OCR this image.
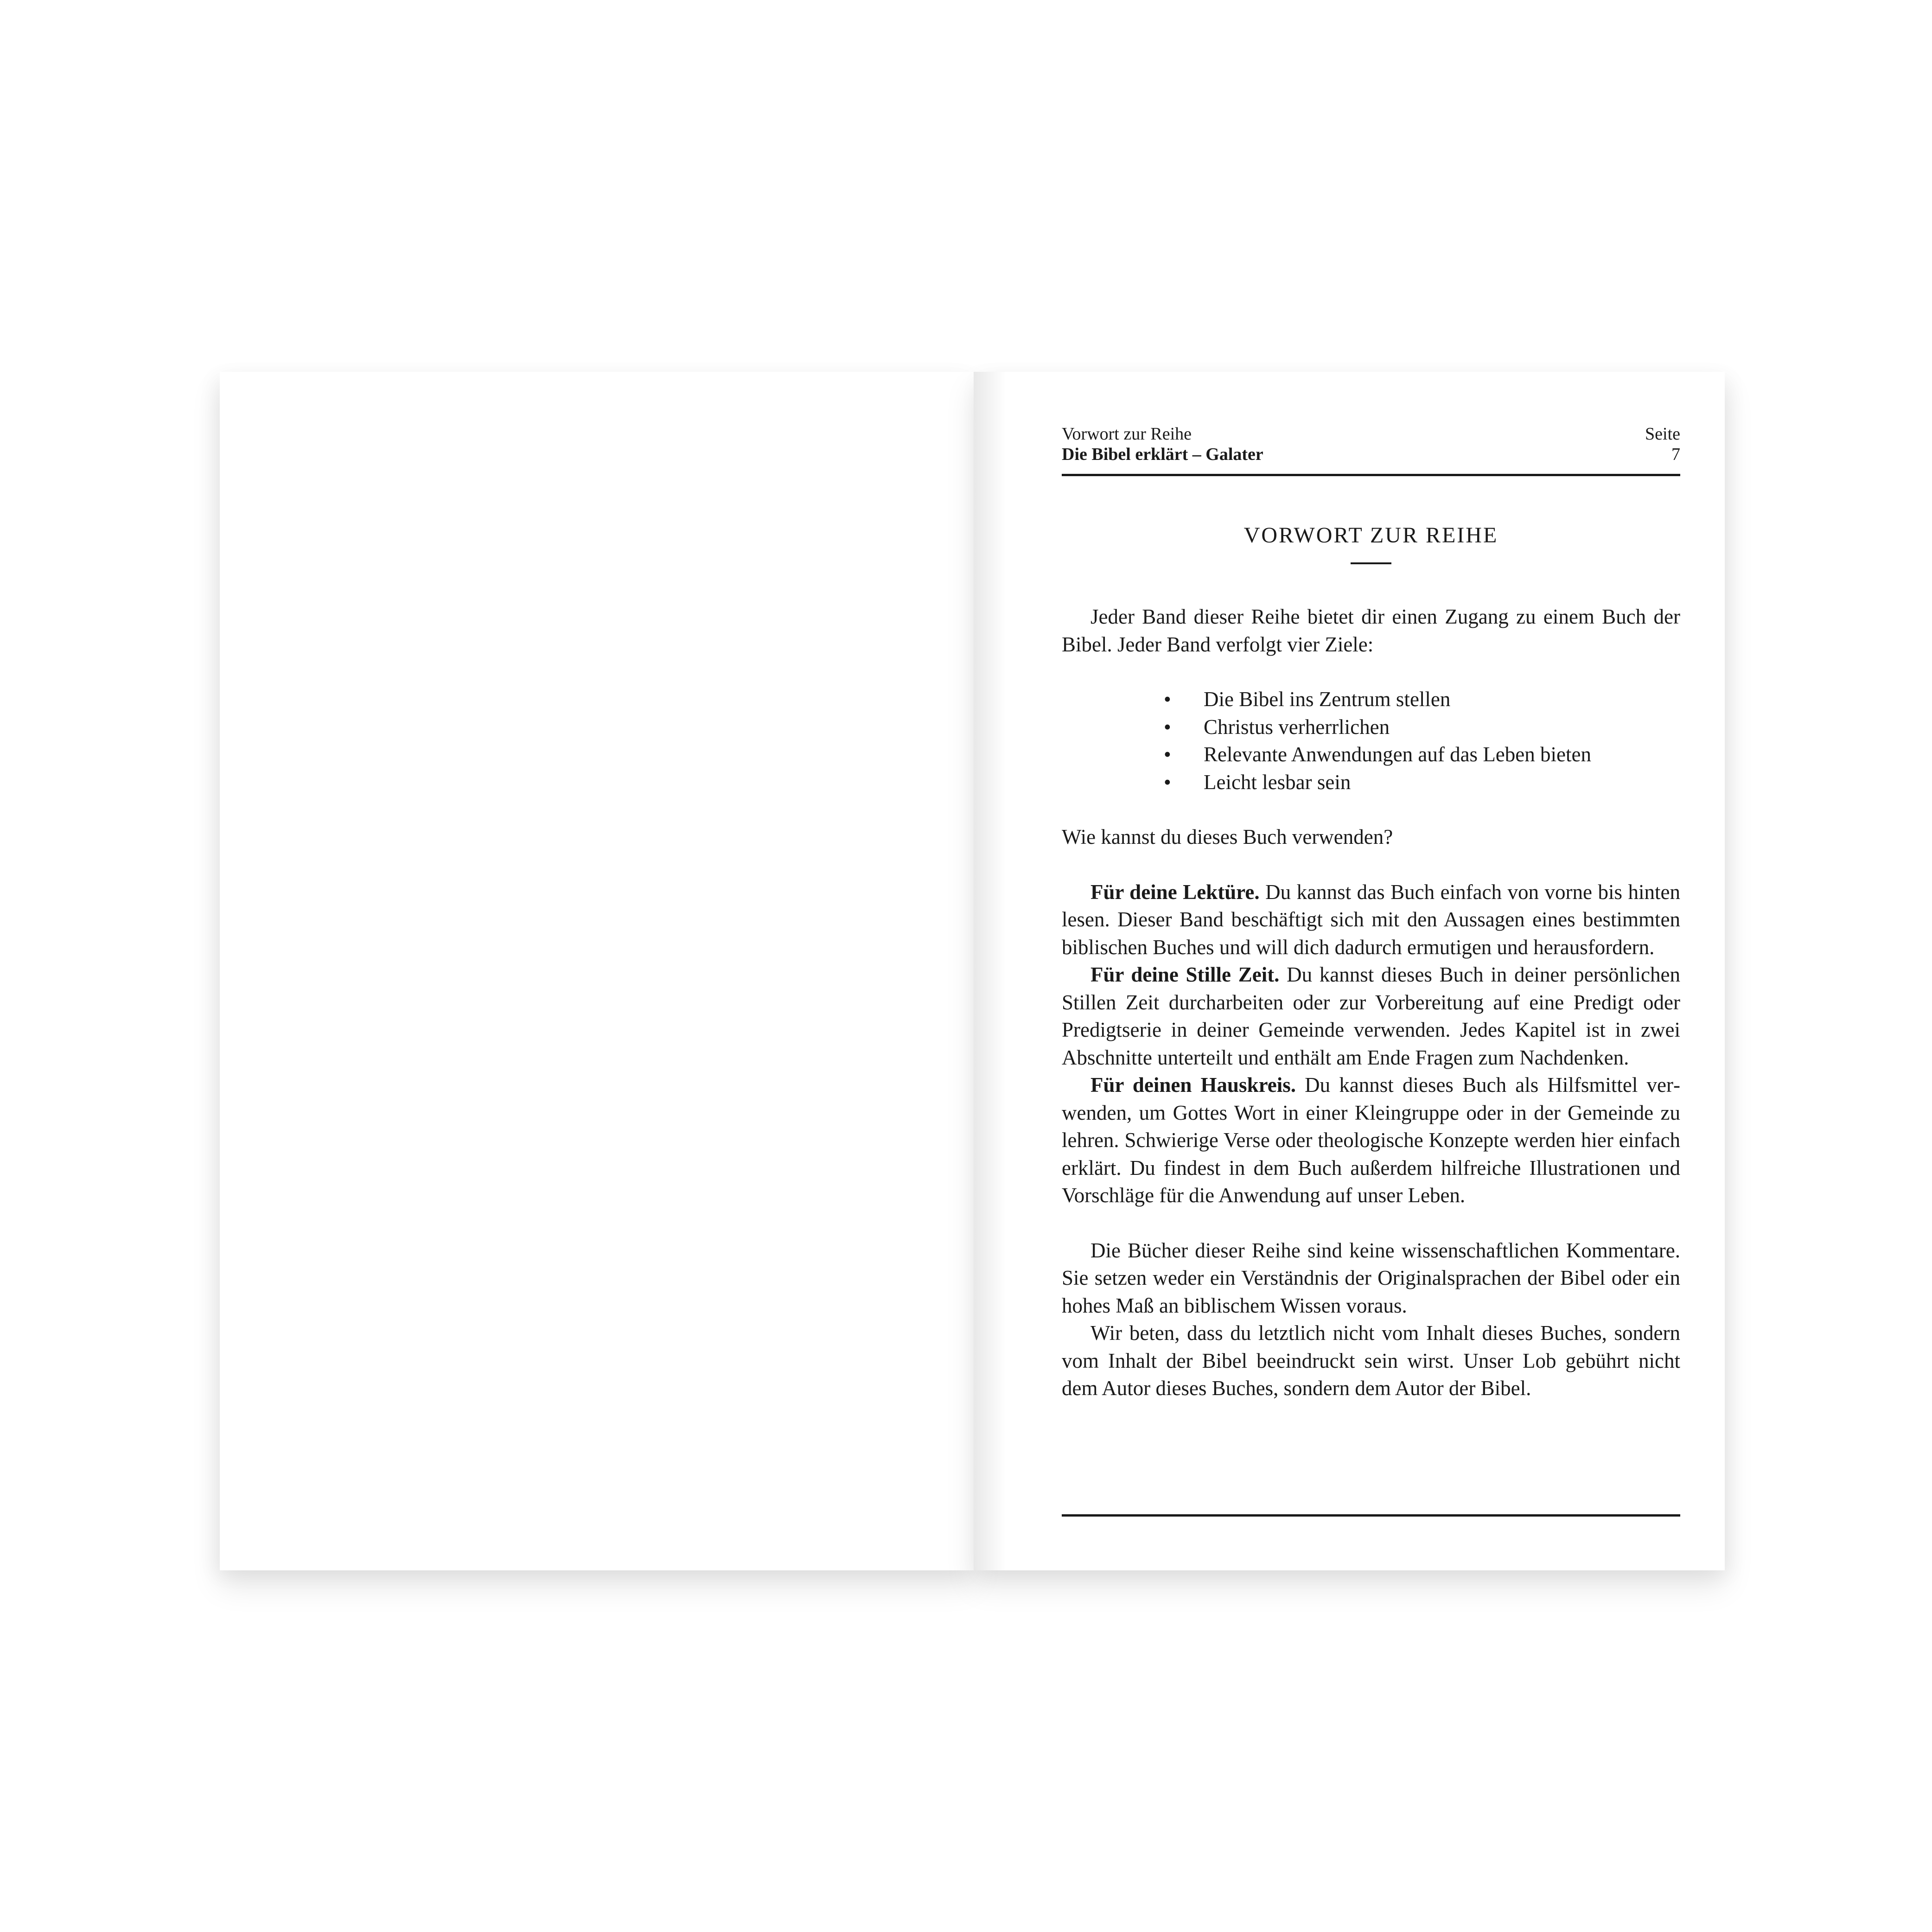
Vorwort zur Reihe
Die Bibel erklärt – Galater
Seite
7
VORWORT ZUR REIHE

Jeder Band dieser Reihe bietet dir einen Zugang zu einem Buch der Bibel. Jeder Band verfolgt vier Ziele:

• Die Bibel ins Zentrum stellen
• Christus verherrlichen
• Relevante Anwendungen auf das Leben bieten
• Leicht lesbar sein

Wie kannst du dieses Buch verwenden?

Für deine Lektüre. Du kannst das Buch einfach von vorne bis hinten lesen. Dieser Band beschäftigt sich mit den Aussagen eines bestimmten biblischen Buches und will dich dadurch ermutigen und herausfordern.

Für deine Stille Zeit. Du kannst dieses Buch in deiner persönlichen Stillen Zeit durcharbeiten oder zur Vorbereitung auf eine Predigt oder Predigtserie in deiner Gemeinde verwenden. Jedes Kapitel ist in zwei Abschnitte unterteilt und enthält am Ende Fragen zum Nachdenken.

Für deinen Hauskreis. Du kannst dieses Buch als Hilfsmittel verwenden, um Gottes Wort in einer Kleingruppe oder in der Gemeinde zu lehren. Schwierige Verse oder theologische Konzepte werden hier einfach erklärt. Du findest in dem Buch außerdem hilfreiche Illustrationen und Vorschläge für die Anwendung auf unser Leben.

Die Bücher dieser Reihe sind keine wissenschaftlichen Kommentare. Sie setzen weder ein Verständnis der Originalsprachen der Bibel oder ein hohes Maß an biblischem Wissen voraus.

Wir beten, dass du letztlich nicht vom Inhalt dieses Buches, sondern vom Inhalt der Bibel beeindruckt sein wirst. Unser Lob gebührt nicht dem Autor dieses Buches, sondern dem Autor der Bibel.
